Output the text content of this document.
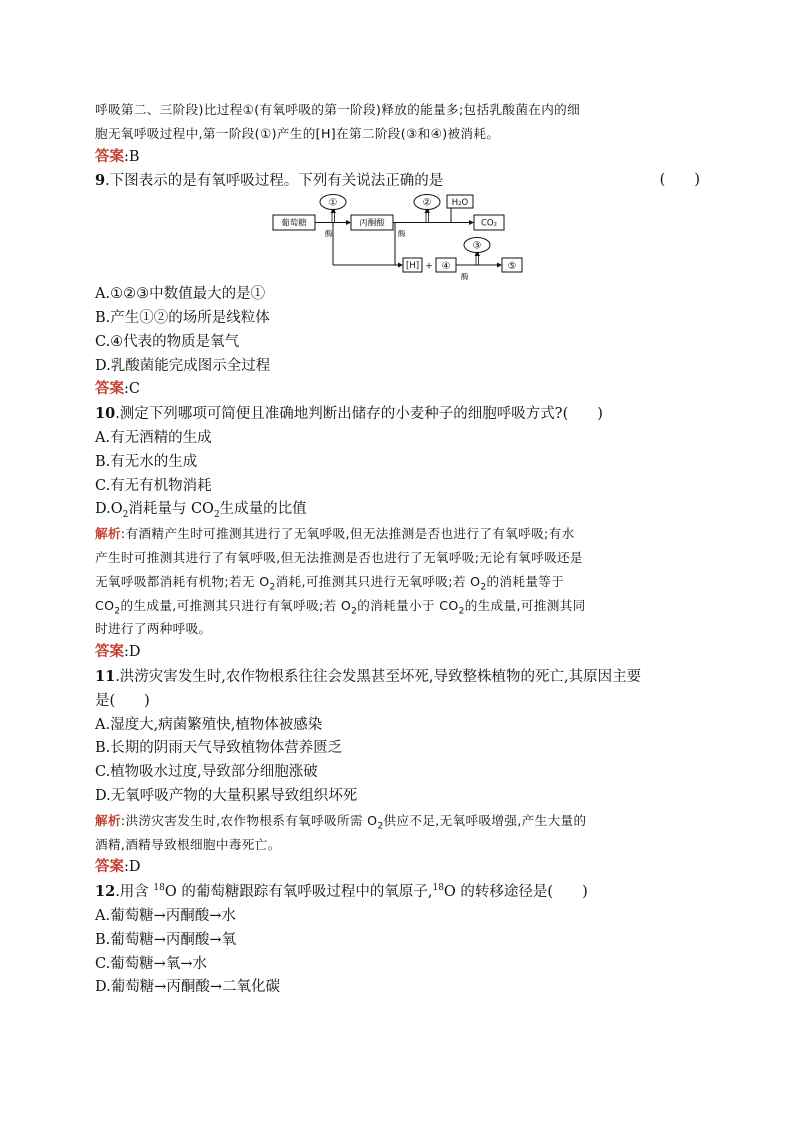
呼吸第二、三阶段)比过程①(有氧呼吸的第一阶段)释放的能量多;包括乳酸菌在内的细
胞无氧呼吸过程中,第一阶段(①)产生的[H]在第二阶段(③和④)被消耗。
答案:B
9.下图表示的是有氧呼吸过程。下列有关说法正确的是	(　　)
葡萄糖
酶
①
丙酮酸
酶
② H₂O
CO₂
[H] + ④
酶
③
⑤
A.①②③中数值最大的是①
B.产生①②的场所是线粒体
C.④代表的物质是氧气
D.乳酸菌能完成图示全过程
答案:C
10.测定下列哪项可简便且准确地判断出储存的小麦种子的细胞呼吸方式?(　　)
A.有无酒精的生成
B.有无水的生成
C.有无有机物消耗
$D.O_2$消耗量与 $CO_2$生成量的比值
解析:有酒精产生时可推测其进行了无氧呼吸,但无法推测是否也进行了有氧呼吸;有水
产生时可推测其进行了有氧呼吸,但无法推测是否也进行了无氧呼吸;无论有氧呼吸还是
无氧呼吸都消耗有机物;若无 $O_2$消耗,可推测其只进行无氧呼吸;若 $O_2$的消耗量等于
$CO_2$的生成量,可推测其只进行有氧呼吸;若 $O_2$的消耗量小于 $CO_2$的生成量,可推测其同
时进行了两种呼吸。
答案:D
11.洪涝灾害发生时,农作物根系往往会发黑甚至坏死,导致整株植物的死亡,其原因主要
是(　　)
A.湿度大,病菌繁殖快,植物体被感染
B.长期的阴雨天气导致植物体营养匮乏
C.植物吸水过度,导致部分细胞涨破
D.无氧呼吸产物的大量积累导致组织坏死
解析:洪涝灾害发生时,农作物根系有氧呼吸所需 $O_2$供应不足,无氧呼吸增强,产生大量的
酒精,酒精导致根细胞中毒死亡。
答案:D
12.用含 $^{18}$O 的葡萄糖跟踪有氧呼吸过程中的氧原子,$^{18}$O 的转移途径是(　　)
A.葡萄糖→丙酮酸→水
B.葡萄糖→丙酮酸→氧
C.葡萄糖→氧→水
D.葡萄糖→丙酮酸→二氧化碳
